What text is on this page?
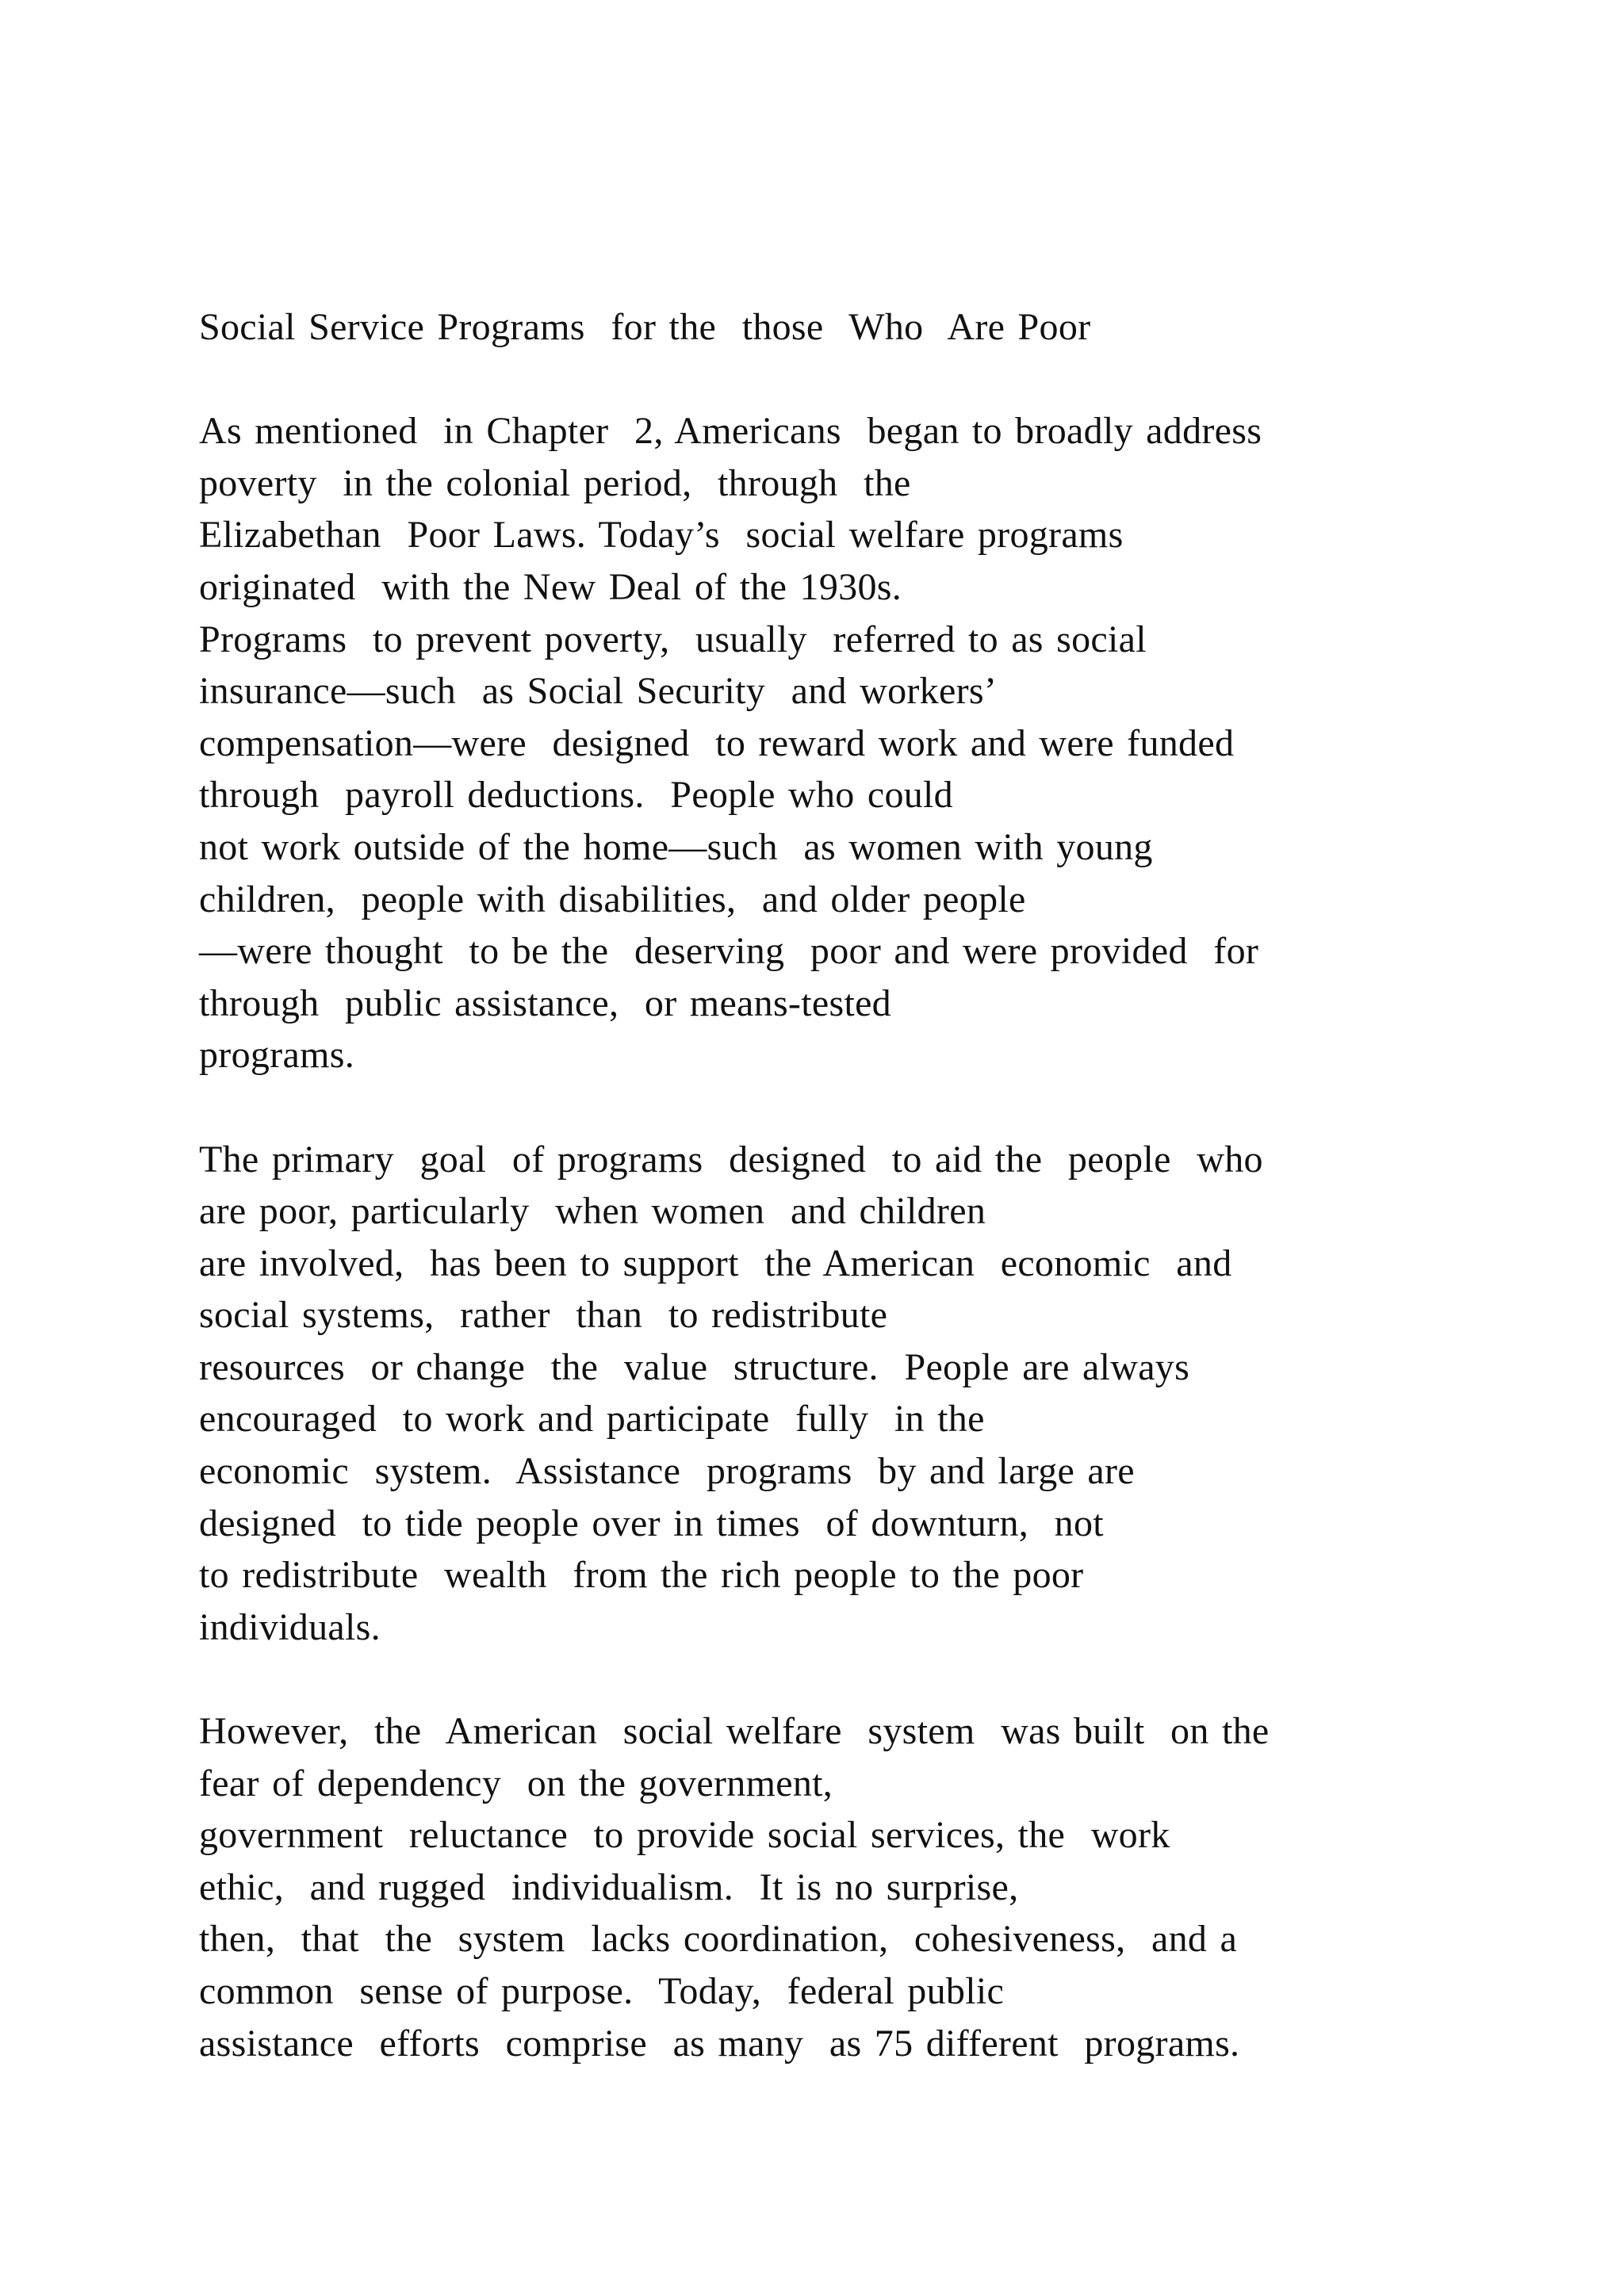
Social Service Programs  for the  those  Who  Are Poor
As mentioned  in Chapter  2, Americans  began to broadly address
poverty  in the colonial period,  through  the
Elizabethan  Poor Laws. Today’s  social welfare programs
originated  with the New Deal of the 1930s.
Programs  to prevent poverty,  usually  referred to as social
insurance—such  as Social Security  and workers’
compensation—were  designed  to reward work and were funded
through  payroll deductions.  People who could
not work outside of the home—such  as women with young
children,  people with disabilities,  and older people
—were thought  to be the  deserving  poor and were provided  for
through  public assistance,  or means-tested
programs.
The primary  goal  of programs  designed  to aid the  people  who
are poor, particularly  when women  and children
are involved,  has been to support  the American  economic  and
social systems,  rather  than  to redistribute
resources  or change  the  value  structure.  People are always
encouraged  to work and participate  fully  in the
economic  system.  Assistance  programs  by and large are
designed  to tide people over in times  of downturn,  not
to redistribute  wealth  from the rich people to the poor
individuals.
However,  the  American  social welfare  system  was built  on the
fear of dependency  on the government,
government  reluctance  to provide social services, the  work
ethic,  and rugged  individualism.  It is no surprise,
then,  that  the  system  lacks coordination,  cohesiveness,  and a
common  sense of purpose.  Today,  federal public
assistance  efforts  comprise  as many  as 75 different  programs.
